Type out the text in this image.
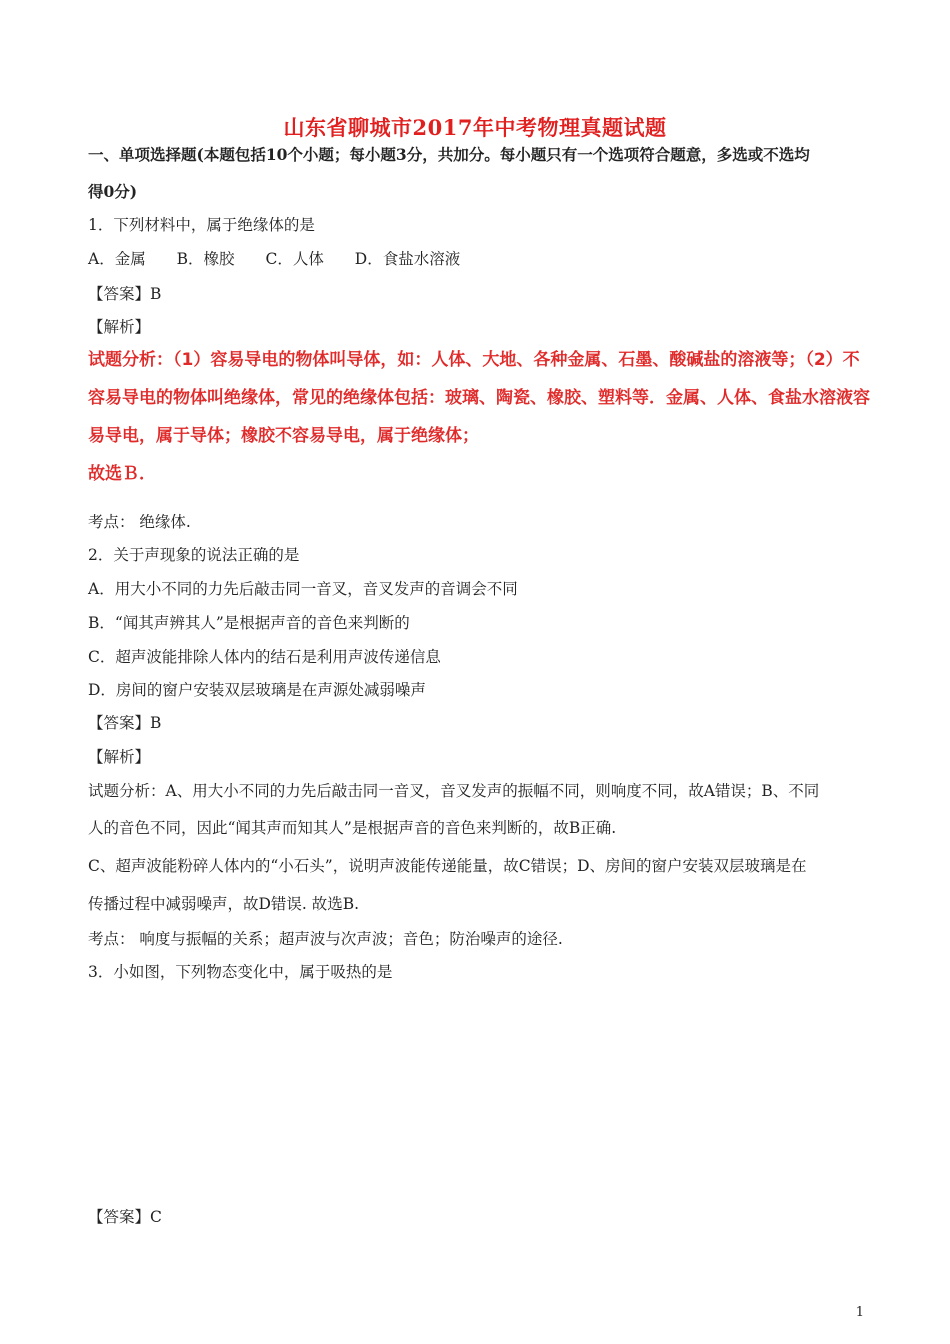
山东省聊城市2017年中考物理真题试题
一、单项选择题(本题包括10个小题；每小题3分，共加分。每小题只有一个选项符合题意，多选或不选均
得0分)
1．下列材料中，属于绝缘体的是
A．金属 B．橡胶 C．人体 D．食盐水溶液
【答案】B
【解析】
试题分析：（1）容易导电的物体叫导体，如：人体、大地、各种金属、石墨、酸碱盐的溶液等；（2）不
容易导电的物体叫绝缘体，常见的绝缘体包括：玻璃、陶瓷、橡胶、塑料等．金属、人体、食盐水溶液容
易导电，属于导体；橡胶不容易导电，属于绝缘体；
故选Ｂ．
考点： 绝缘体.
2．关于声现象的说法正确的是
A．用大小不同的力先后敲击同一音叉，音叉发声的音调会不同
B．“闻其声辨其人”是根据声音的音色来判断的
C．超声波能排除人体内的结石是利用声波传递信息
D．房间的窗户安装双层玻璃是在声源处减弱噪声
【答案】B
【解析】
试题分析：A、用大小不同的力先后敲击同一音叉，音叉发声的振幅不同，则响度不同，故A错误；B、不同
人的音色不同，因此“闻其声而知其人”是根据声音的音色来判断的，故B正确.
C、超声波能粉碎人体内的“小石头”，说明声波能传递能量，故C错误；D、房间的窗户安装双层玻璃是在
传播过程中减弱噪声，故D错误. 故选B.
考点： 响度与振幅的关系；超声波与次声波；音色；防治噪声的途径.
3．小如图，下列物态变化中，属于吸热的是
【答案】C
1
